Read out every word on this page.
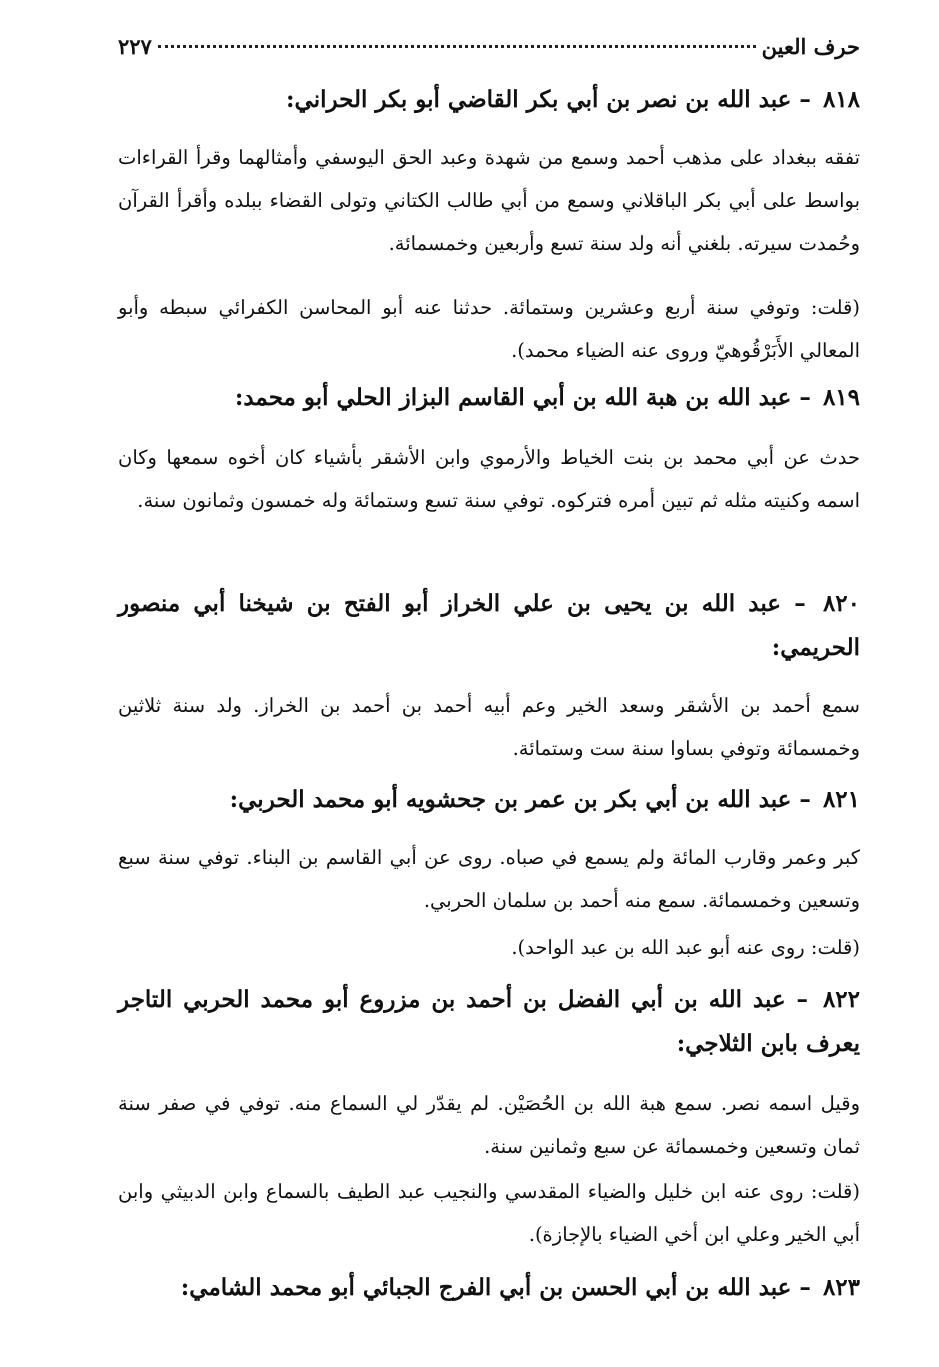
حرف العين
٢٢٧
٨١٨ – عبد الله بن نصر بن أبي بكر القاضي أبو بكر الحراني:
تفقه ببغداد على مذهب أحمد وسمع من شهدة وعبد الحق اليوسفي وأمثالهما وقرأ القراءات بواسط على أبي بكر الباقلاني وسمع من أبي طالب الكتاني وتولى القضاء ببلده وأقرأ القرآن وحُمدت سيرته. بلغني أنه ولد سنة تسع وأربعين وخمسمائة.
(قلت: وتوفي سنة أربع وعشرين وستمائة. حدثنا عنه أبو المحاسن الكفرائي سبطه وأبو المعالي الأَبَرْقُوهيّ وروى عنه الضياء محمد).
٨١٩ – عبد الله بن هبة الله بن أبي القاسم البزاز الحلي أبو محمد:
حدث عن أبي محمد بن بنت الخياط والأرموي وابن الأشقر بأشياء كان أخوه سمعها وكان اسمه وكنيته مثله ثم تبين أمره فتركوه. توفي سنة تسع وستمائة وله خمسون وثمانون سنة.
٨٢٠ – عبد الله بن يحيى بن علي الخراز أبو الفتح بن شيخنا أبي منصور الحريمي:
سمع أحمد بن الأشقر وسعد الخير وعم أبيه أحمد بن أحمد بن الخراز. ولد سنة ثلاثين وخمسمائة وتوفي بساوا سنة ست وستمائة.
٨٢١ – عبد الله بن أبي بكر بن عمر بن جحشويه أبو محمد الحربي:
كبر وعمر وقارب المائة ولم يسمع في صباه. روى عن أبي القاسم بن البناء. توفي سنة سبع وتسعين وخمسمائة. سمع منه أحمد بن سلمان الحربي.
(قلت: روى عنه أبو عبد الله بن عبد الواحد).
٨٢٢ – عبد الله بن أبي الفضل بن أحمد بن مزروع أبو محمد الحربي التاجر يعرف بابن الثلاجي:
وقيل اسمه نصر. سمع هبة الله بن الحُصَيْن. لم يقدّر لي السماع منه. توفي في صفر سنة ثمان وتسعين وخمسمائة عن سبع وثمانين سنة.
(قلت: روى عنه ابن خليل والضياء المقدسي والنجيب عبد الطيف بالسماع وابن الدبيثي وابن أبي الخير وعلي ابن أخي الضياء بالإجازة).
٨٢٣ – عبد الله بن أبي الحسن بن أبي الفرج الجبائي أبو محمد الشامي:
